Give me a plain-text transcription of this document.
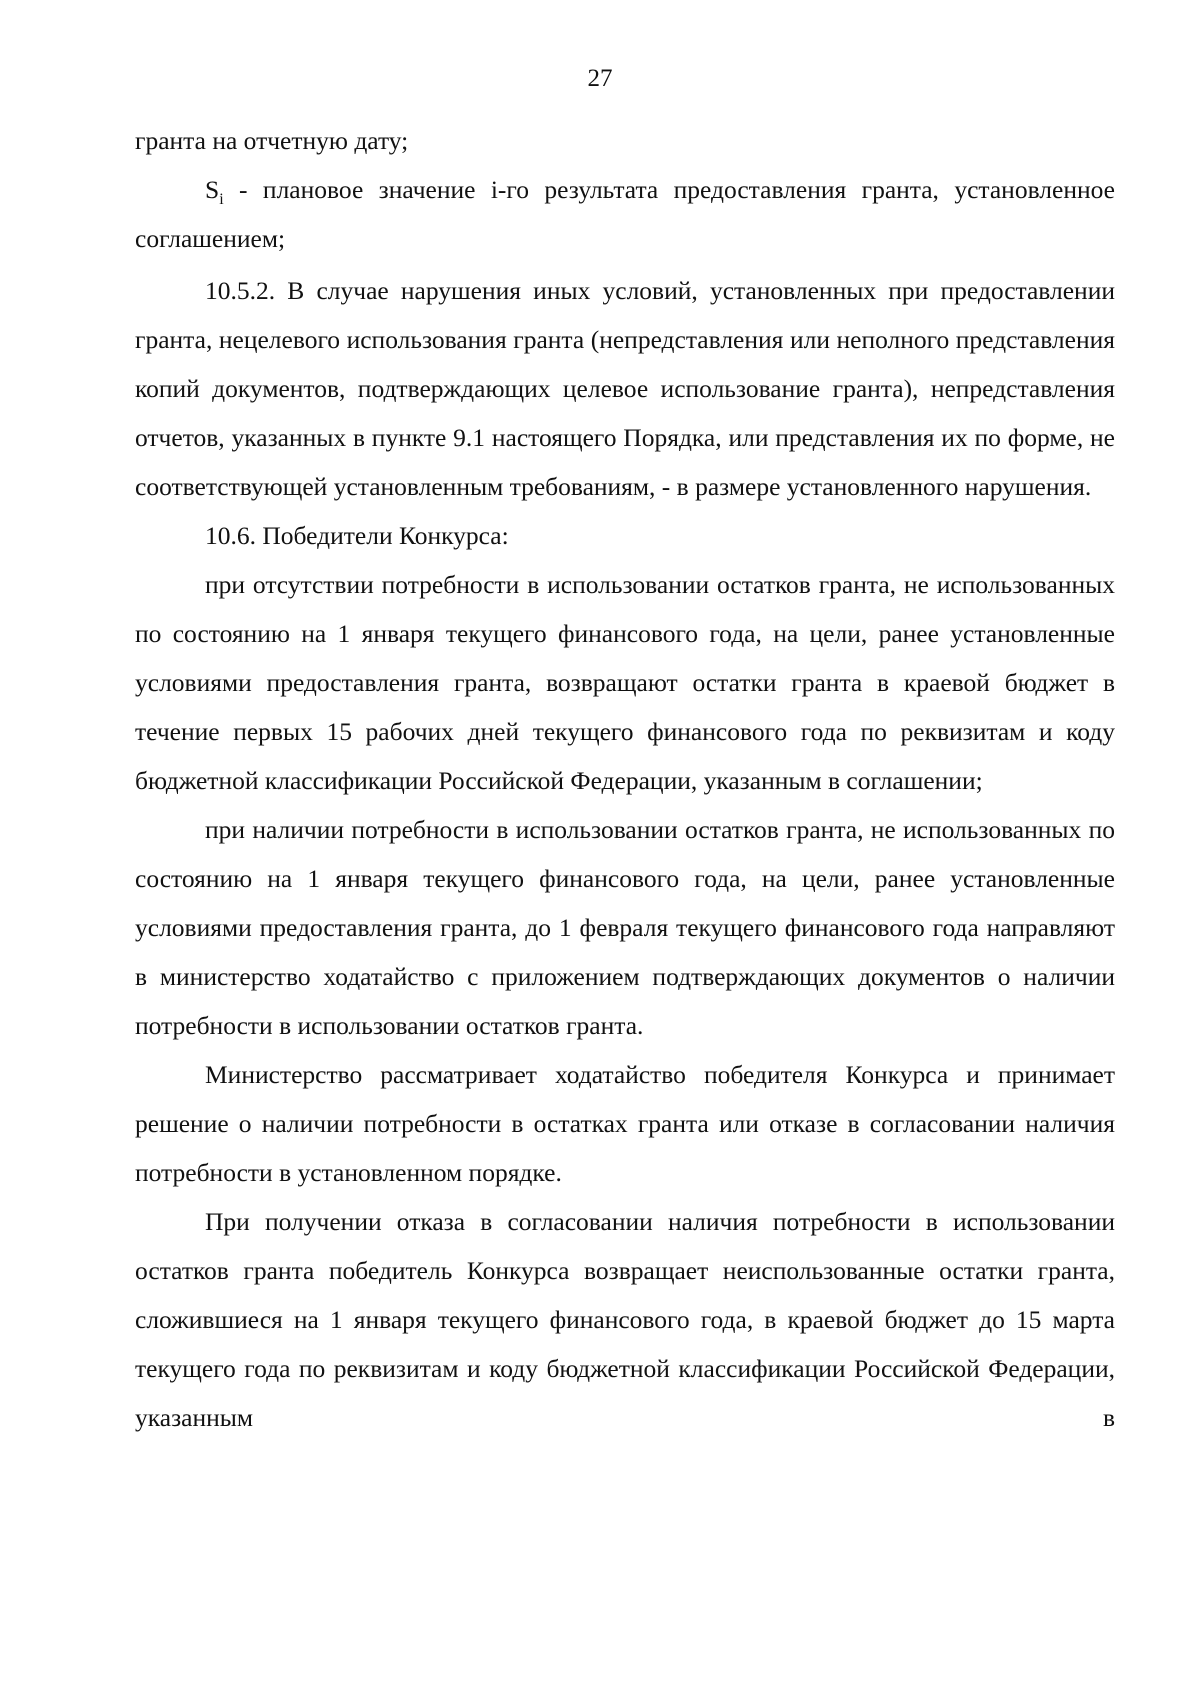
27

гранта на отчетную дату;

$S_i$ - плановое значение i-го результата предоставления гранта, установленное соглашением;

10.5.2. В случае нарушения иных условий, установленных при предоставлении гранта, нецелевого использования гранта (непредставления или неполного представления копий документов, подтверждающих целевое использование гранта), непредставления отчетов, указанных в пункте 9.1 настоящего Порядка, или представления их по форме, не соответствующей установленным требованиям, - в размере установленного нарушения.

10.6. Победители Конкурса:

при отсутствии потребности в использовании остатков гранта, не использованных по состоянию на 1 января текущего финансового года, на цели, ранее установленные условиями предоставления гранта, возвращают остатки гранта в краевой бюджет в течение первых 15 рабочих дней текущего финансового года по реквизитам и коду бюджетной классификации Российской Федерации, указанным в соглашении;

при наличии потребности в использовании остатков гранта, не использованных по состоянию на 1 января текущего финансового года, на цели, ранее установленные условиями предоставления гранта, до 1 февраля текущего финансового года направляют в министерство ходатайство с приложением подтверждающих документов о наличии потребности в использовании остатков гранта.

Министерство рассматривает ходатайство победителя Конкурса и принимает решение о наличии потребности в остатках гранта или отказе в согласовании наличия потребности в установленном порядке.

При получении отказа в согласовании наличия потребности в использовании остатков гранта победитель Конкурса возвращает неиспользованные остатки гранта, сложившиеся на 1 января текущего финансового года, в краевой бюджет до 15 марта текущего года по реквизитам и коду бюджетной классификации Российской Федерации, указанным в
